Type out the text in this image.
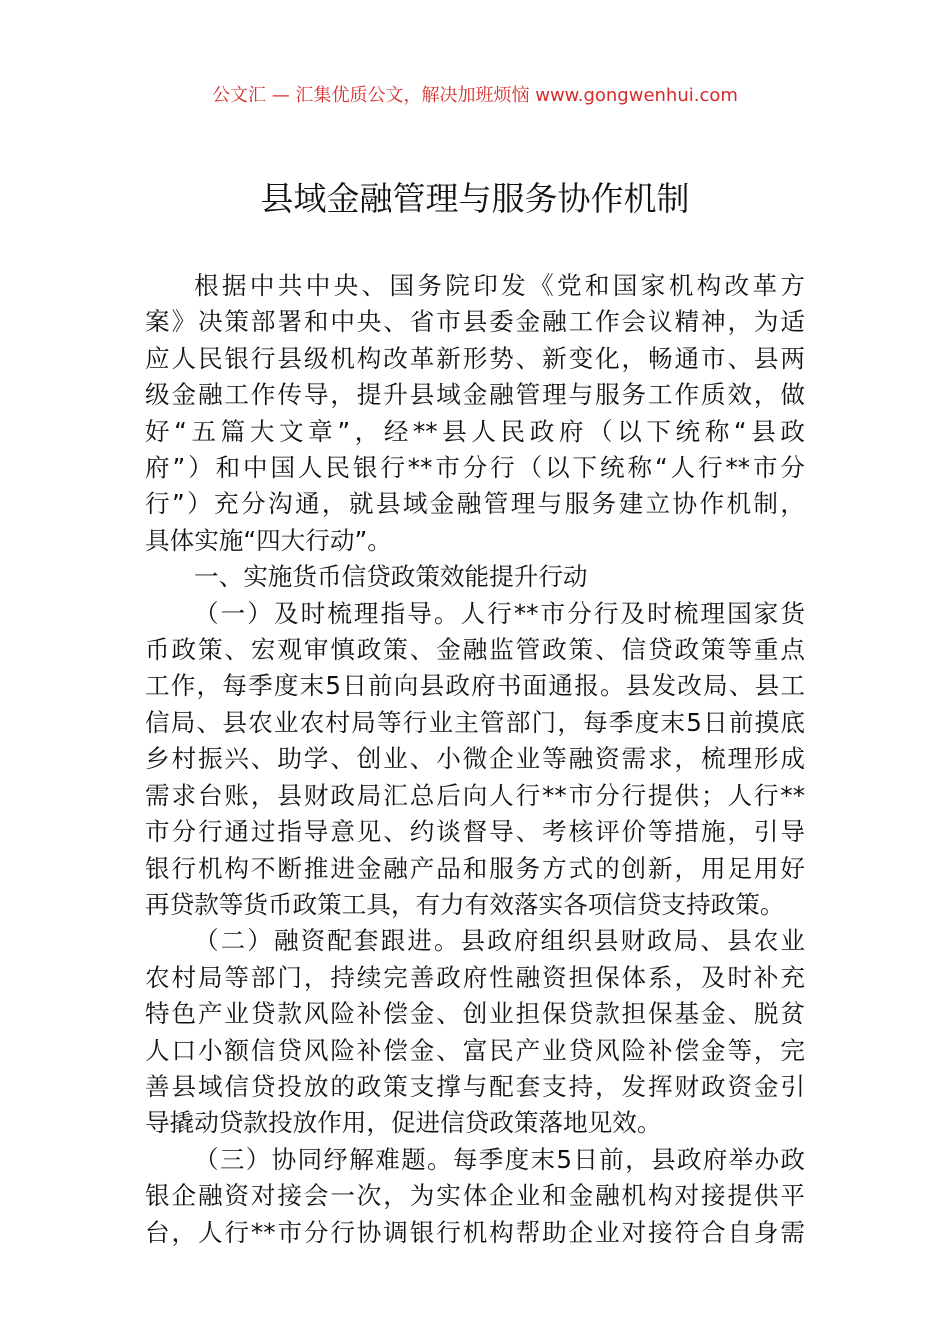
公文汇 — 汇集优质公文，解决加班烦恼 www.gongwenhui.com
县域金融管理与服务协作机制
根据中共中央、国务院印发《党和国家机构改革方
案》决策部署和中央、省市县委金融工作会议精神，为适
应人民银行县级机构改革新形势、新变化，畅通市、县两
级金融工作传导，提升县域金融管理与服务工作质效，做
好“五篇大文章”，经**县人民政府（以下统称“县政
府”）和中国人民银行**市分行（以下统称“人行**市分
行”）充分沟通，就县域金融管理与服务建立协作机制，
具体实施“四大行动”。
一、实施货币信贷政策效能提升行动
（一）及时梳理指导。人行**市分行及时梳理国家货
币政策、宏观审慎政策、金融监管政策、信贷政策等重点
工作，每季度末5日前向县政府书面通报。县发改局、县工
信局、县农业农村局等行业主管部门，每季度末5日前摸底
乡村振兴、助学、创业、小微企业等融资需求，梳理形成
需求台账，县财政局汇总后向人行**市分行提供；人行**
市分行通过指导意见、约谈督导、考核评价等措施，引导
银行机构不断推进金融产品和服务方式的创新，用足用好
再贷款等货币政策工具，有力有效落实各项信贷支持政策。
（二）融资配套跟进。县政府组织县财政局、县农业
农村局等部门，持续完善政府性融资担保体系，及时补充
特色产业贷款风险补偿金、创业担保贷款担保基金、脱贫
人口小额信贷风险补偿金、富民产业贷风险补偿金等，完
善县域信贷投放的政策支撑与配套支持，发挥财政资金引
导撬动贷款投放作用，促进信贷政策落地见效。
（三）协同纾解难题。每季度末5日前，县政府举办政
银企融资对接会一次，为实体企业和金融机构对接提供平
台，人行**市分行协调银行机构帮助企业对接符合自身需
